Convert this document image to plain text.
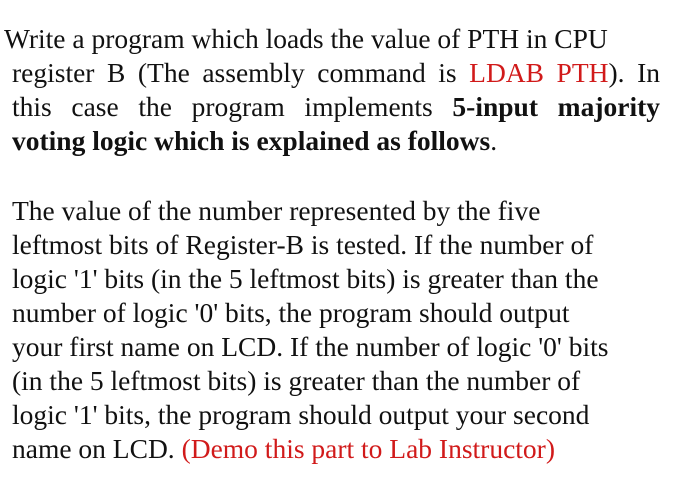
Write a program which loads the value of PTH in CPU
register B (The assembly command is LDAB PTH). In
this case the program implements 5-input majority
voting logic which is explained as follows.
The value of the number represented by the five
leftmost bits of Register-B is tested. If the number of
logic '1' bits (in the 5 leftmost bits) is greater than the
number of logic '0' bits, the program should output
your first name on LCD. If the number of logic '0' bits
(in the 5 leftmost bits) is greater than the number of
logic '1' bits, the program should output your second
name on LCD. (Demo this part to Lab Instructor)
